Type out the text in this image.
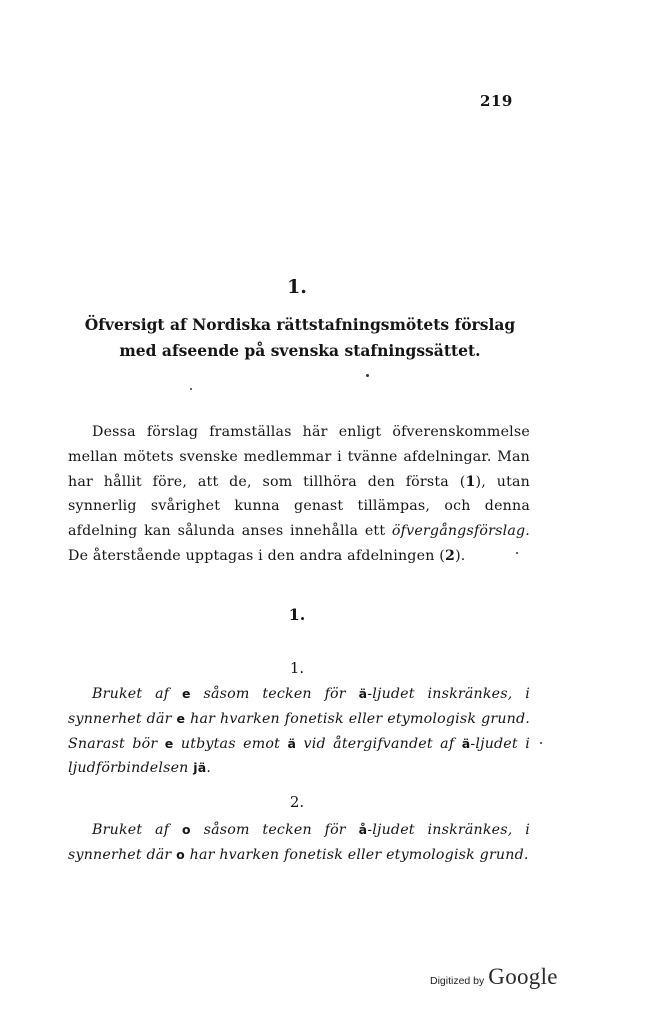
219
1.
Öfversigt af Nordiska rättstafningsmötets förslag
med afseende på svenska stafningssättet.
Dessa förslag framställas här enligt öfverenskommelse mellan mötets svenske medlemmar i tvänne afdelningar. Man har hållit före, att de, som tillhöra den första (1), utan synnerlig svårighet kunna genast tillämpas, och denna afdelning kan sålunda anses innehålla ett öfvergångsförslag. De återstående upptagas i den andra afdelningen (2).
1.
1.
Bruket af e såsom tecken för ä-ljudet inskränkes, i synnerhet där e har hvarken fonetisk eller etymologisk grund. Snarast bör e utbytas emot ä vid återgifvandet af ä-ljudet i ljudförbindelsen jä.
2.
Bruket af o såsom tecken för å-ljudet inskränkes, i synnerhet där o har hvarken fonetisk eller etymologisk grund.
Digitized by Google
